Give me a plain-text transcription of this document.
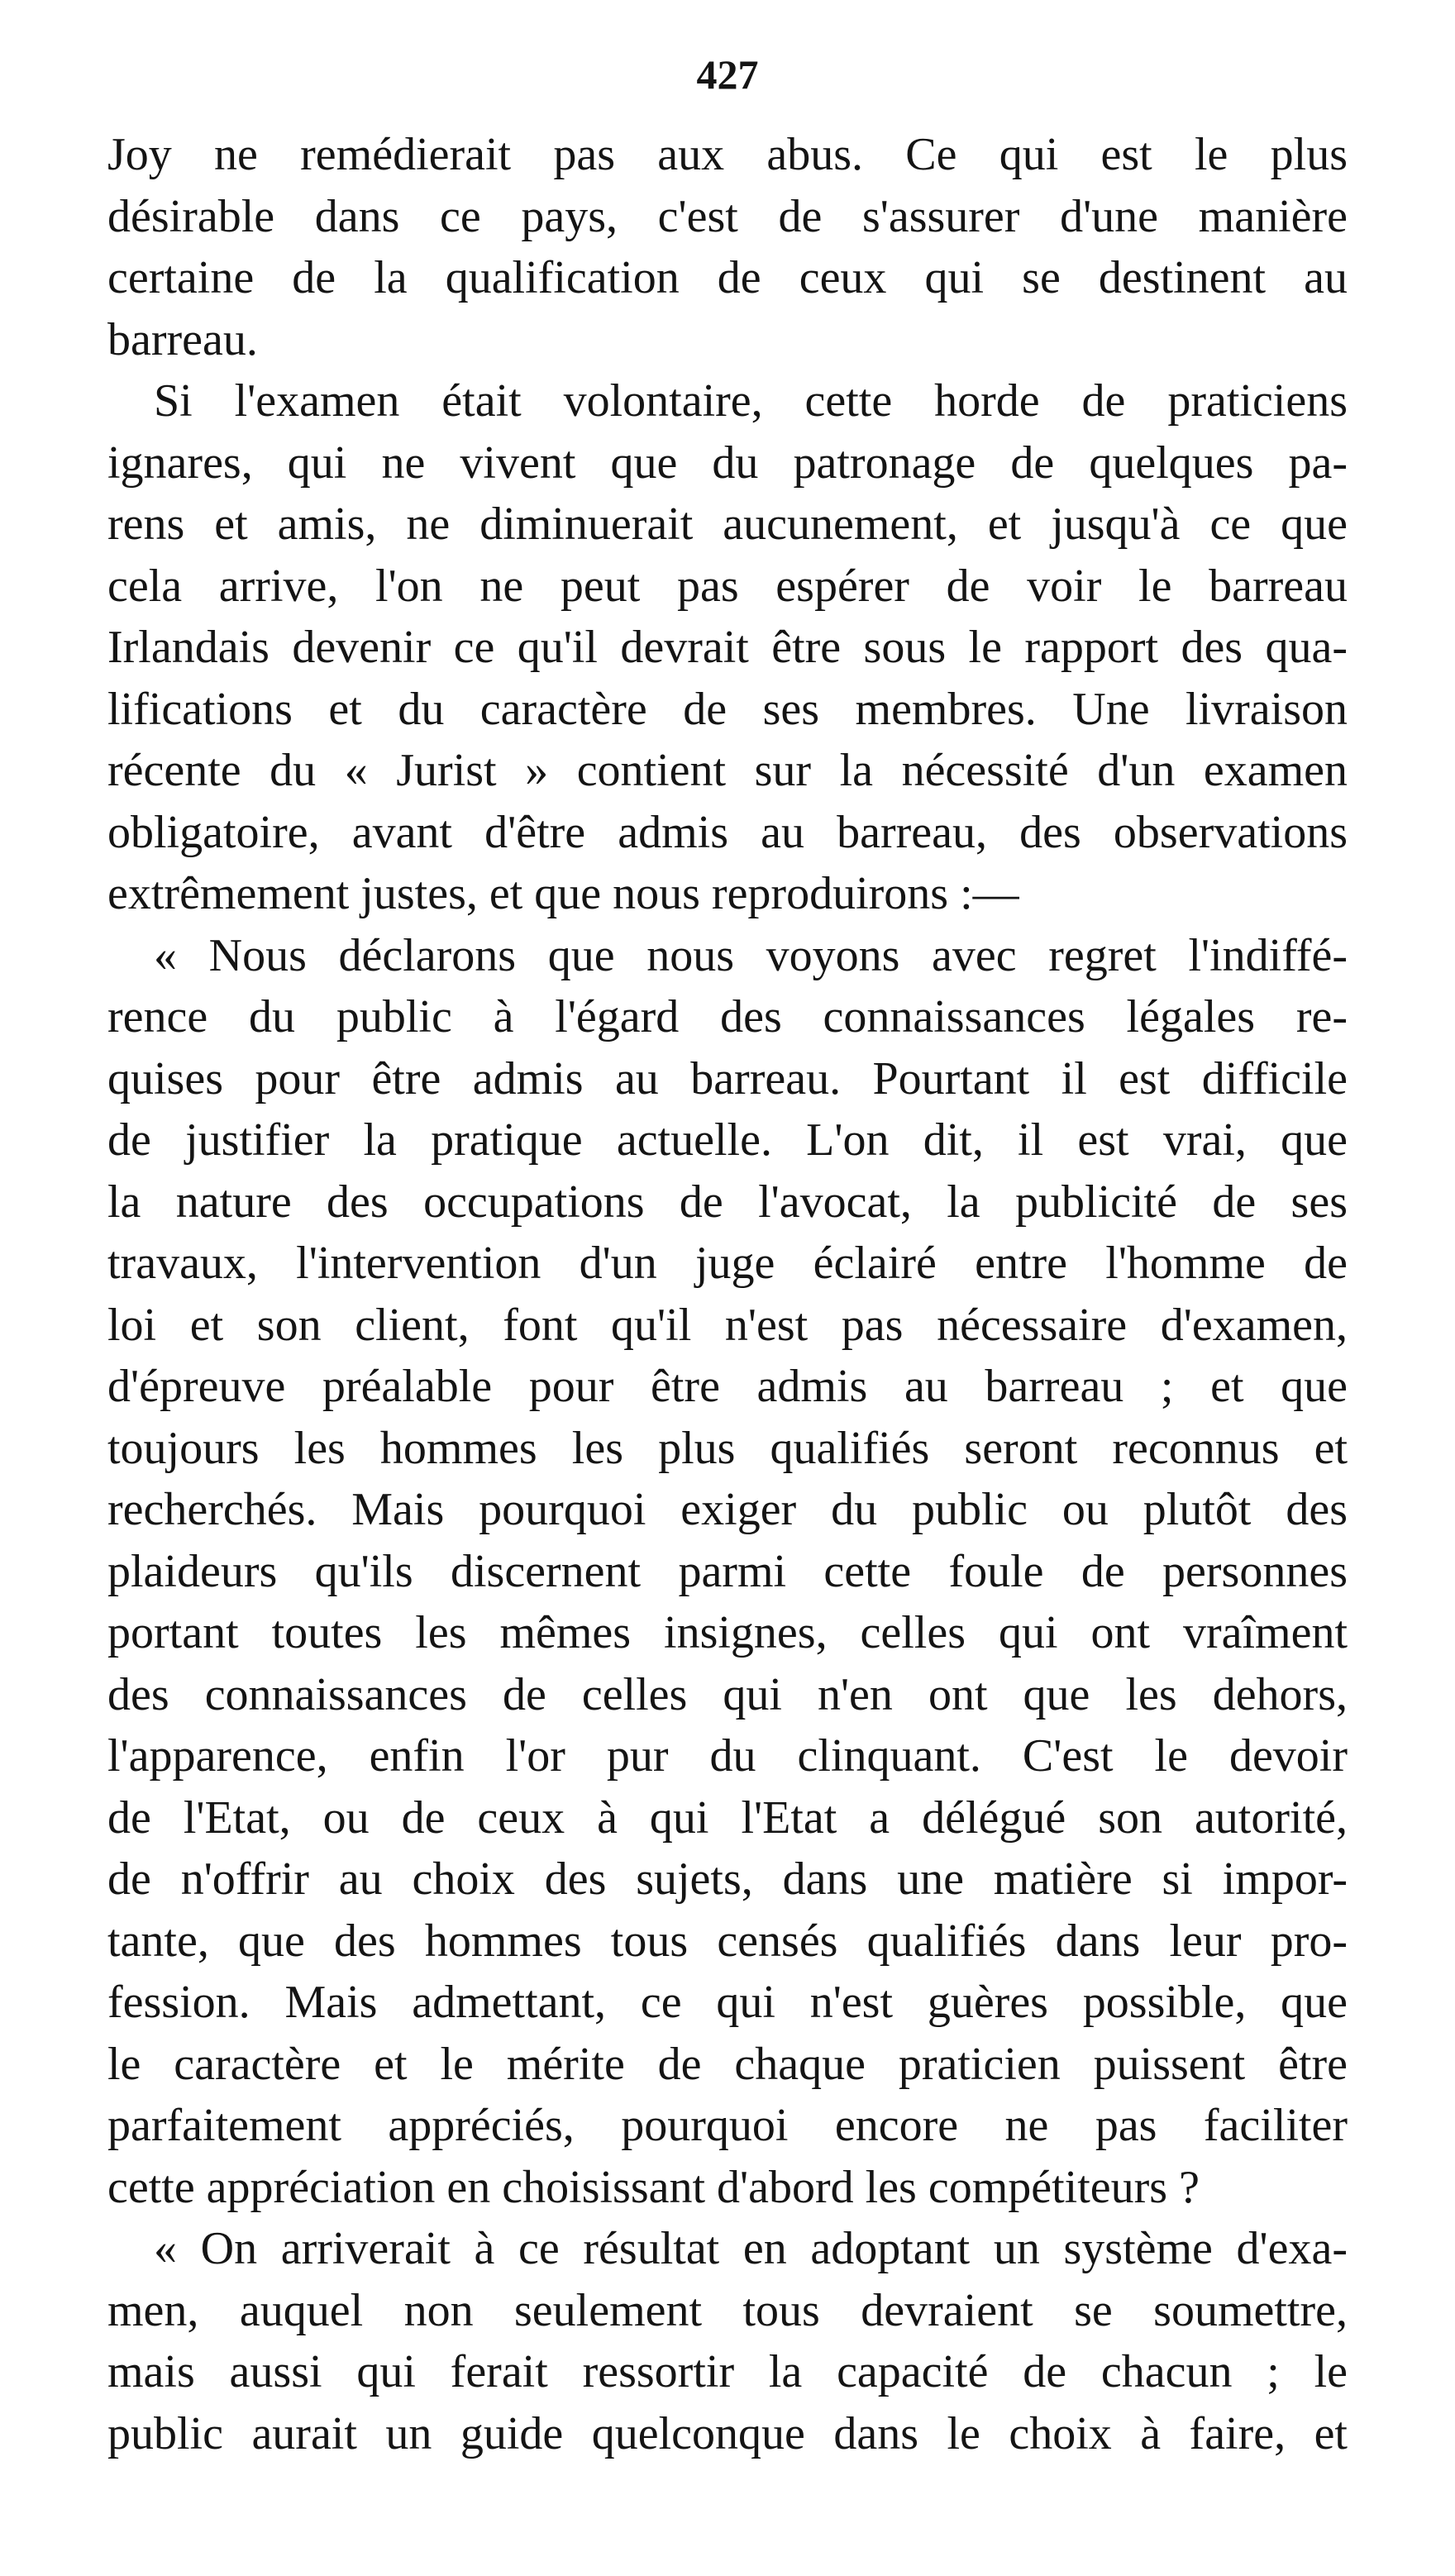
427
Joy ne remédierait pas aux abus. Ce qui est le plus
désirable dans ce pays, c'est de s'assurer d'une manière
certaine de la qualification de ceux qui se destinent au
barreau.
Si l'examen était volontaire, cette horde de praticiens
ignares, qui ne vivent que du patronage de quelques pa-
rens et amis, ne diminuerait aucunement, et jusqu'à ce que
cela arrive, l'on ne peut pas espérer de voir le barreau
Irlandais devenir ce qu'il devrait être sous le rapport des qua-
lifications et du caractère de ses membres. Une livraison
récente du « Jurist » contient sur la nécessité d'un examen
obligatoire, avant d'être admis au barreau, des observations
extrêmement justes, et que nous reproduirons :—
« Nous déclarons que nous voyons avec regret l'indiffé-
rence du public à l'égard des connaissances légales re-
quises pour être admis au barreau. Pourtant il est difficile
de justifier la pratique actuelle. L'on dit, il est vrai, que
la nature des occupations de l'avocat, la publicité de ses
travaux, l'intervention d'un juge éclairé entre l'homme de
loi et son client, font qu'il n'est pas nécessaire d'examen,
d'épreuve préalable pour être admis au barreau ; et que
toujours les hommes les plus qualifiés seront reconnus et
recherchés. Mais pourquoi exiger du public ou plutôt des
plaideurs qu'ils discernent parmi cette foule de personnes
portant toutes les mêmes insignes, celles qui ont vraîment
des connaissances de celles qui n'en ont que les dehors,
l'apparence, enfin l'or pur du clinquant. C'est le devoir
de l'Etat, ou de ceux à qui l'Etat a délégué son autorité,
de n'offrir au choix des sujets, dans une matière si impor-
tante, que des hommes tous censés qualifiés dans leur pro-
fession. Mais admettant, ce qui n'est guères possible, que
le caractère et le mérite de chaque praticien puissent être
parfaitement appréciés, pourquoi encore ne pas faciliter
cette appréciation en choisissant d'abord les compétiteurs ?
« On arriverait à ce résultat en adoptant un système d'exa-
men, auquel non seulement tous devraient se soumettre,
mais aussi qui ferait ressortir la capacité de chacun ; le
public aurait un guide quelconque dans le choix à faire, et
